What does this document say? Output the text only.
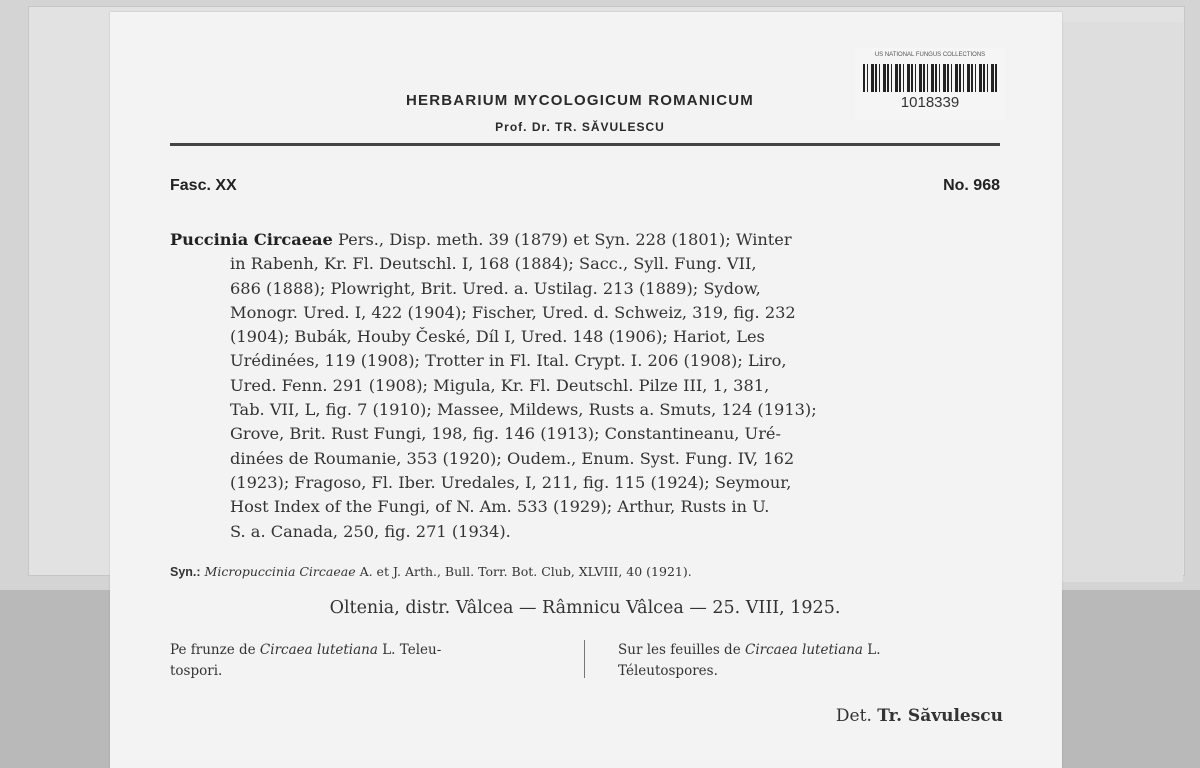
US NATIONAL FUNGUS COLLECTIONS
1018339
HERBARIUM MYCOLOGICUM ROMANICUM
Prof. Dr. TR. SĂVULESCU
Fasc. XX	No. 968
Puccinia Circaeae Pers., Disp. meth. 39 (1879) et Syn. 228 (1801); Winter
in Rabenh, Kr. Fl. Deutschl. I, 168 (1884); Sacc., Syll. Fung. VII,
686 (1888); Plowright, Brit. Ured. a. Ustilag. 213 (1889); Sydow,
Monogr. Ured. I, 422 (1904); Fischer, Ured. d. Schweiz, 319, fig. 232
(1904); Bubák, Houby České, Díl I, Ured. 148 (1906); Hariot, Les
Urédinées, 119 (1908); Trotter in Fl. Ital. Crypt. I. 206 (1908); Liro,
Ured. Fenn. 291 (1908); Migula, Kr. Fl. Deutschl. Pilze III, 1, 381,
Tab. VII, L, fig. 7 (1910); Massee, Mildews, Rusts a. Smuts, 124 (1913);
Grove, Brit. Rust Fungi, 198, fig. 146 (1913); Constantineanu, Uré-
dinées de Roumanie, 353 (1920); Oudem., Enum. Syst. Fung. IV, 162
(1923); Fragoso, Fl. Iber. Uredales, I, 211, fig. 115 (1924); Seymour,
Host Index of the Fungi, of N. Am. 533 (1929); Arthur, Rusts in U.
S. a. Canada, 250, fig. 271 (1934).
Syn.: Micropuccinia Circaeae A. et J. Arth., Bull. Torr. Bot. Club, XLVIII, 40 (1921).
Oltenia, distr. Vâlcea — Râmnicu Vâlcea — 25. VIII, 1925.
Pe frunze de Circaea lutetiana L. Teleu-
tospori.
Sur les feuilles de Circaea lutetiana L.
Téleutospores.
Det. Tr. Săvulescu
